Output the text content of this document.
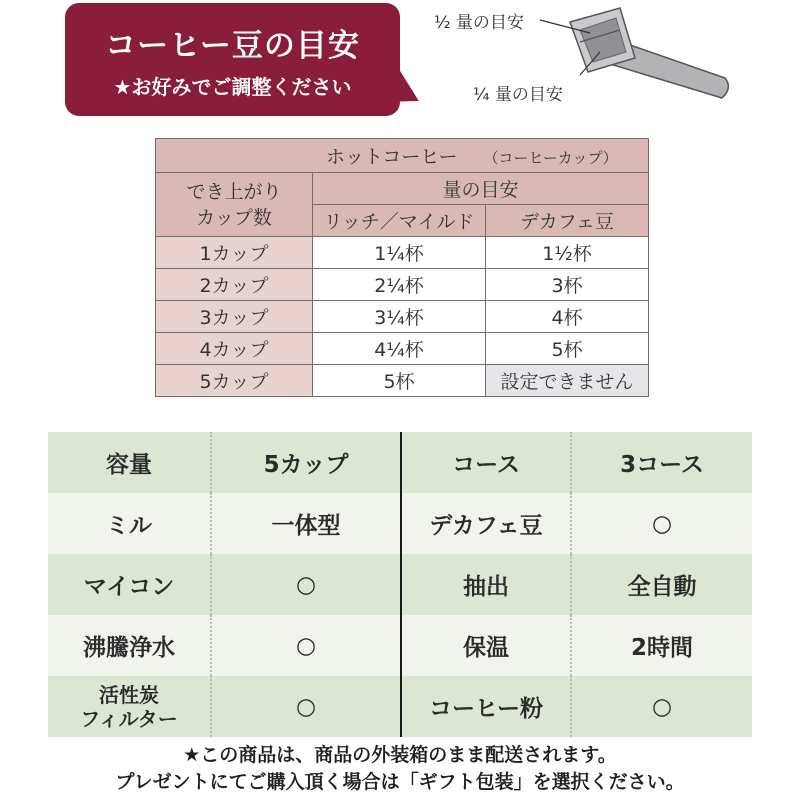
コーヒー豆の目安
★お好みでご調整ください
½ 量の目安
¼ 量の目安
ホットコーヒー （コーヒーカップ）		
でき上がり
カップ数	量の目安	
	リッチ／マイルド	デカフェ豆
1カップ	1¼杯	1½杯
2カップ	2¼杯	3杯
3カップ	3¼杯	4杯
4カップ	4¼杯	5杯
5カップ	5杯	設定できません
容量	5カップ	コース	3コース
ミル	一体型	デカフェ豆	○
マイコン	○	抽出	全自動
沸騰浄水	○	保温	2時間
活性炭
フィルター	○	コーヒー粉	○
★この商品は、商品の外装箱のまま配送されます。
プレゼントにてご購入頂く場合は「ギフト包装」を選択ください。
